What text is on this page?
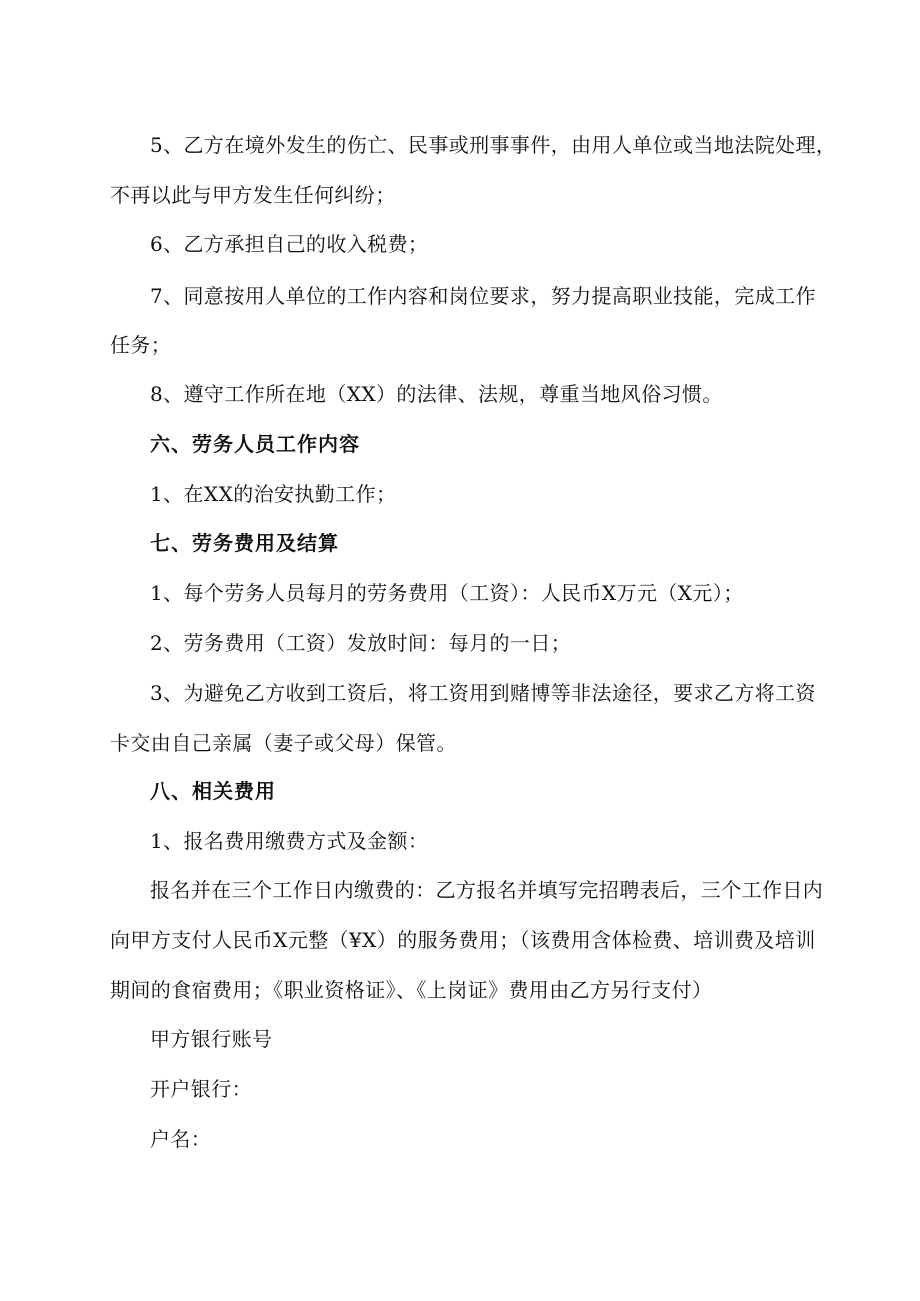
5、乙方在境外发生的伤亡、民事或刑事事件，由用人单位或当地法院处理，
不再以此与甲方发生任何纠纷；
6、乙方承担自己的收入税费；
7、同意按用人单位的工作内容和岗位要求，努力提高职业技能，完成工作
任务；
8、遵守工作所在地（XX）的法律、法规，尊重当地风俗习惯。
六、劳务人员工作内容
1、在XX的治安执勤工作；
七、劳务费用及结算
1、每个劳务人员每月的劳务费用（工资）：人民币X万元（X元）；
2、劳务费用（工资）发放时间：每月的一日；
3、为避免乙方收到工资后，将工资用到赌博等非法途径，要求乙方将工资
卡交由自己亲属（妻子或父母）保管。
八、相关费用
1、报名费用缴费方式及金额：
报名并在三个工作日内缴费的：乙方报名并填写完招聘表后，三个工作日内
向甲方支付人民币X元整（¥X）的服务费用；（该费用含体检费、培训费及培训
期间的食宿费用；《职业资格证》、《上岗证》费用由乙方另行支付）
甲方银行账号
开户银行：
户名：
